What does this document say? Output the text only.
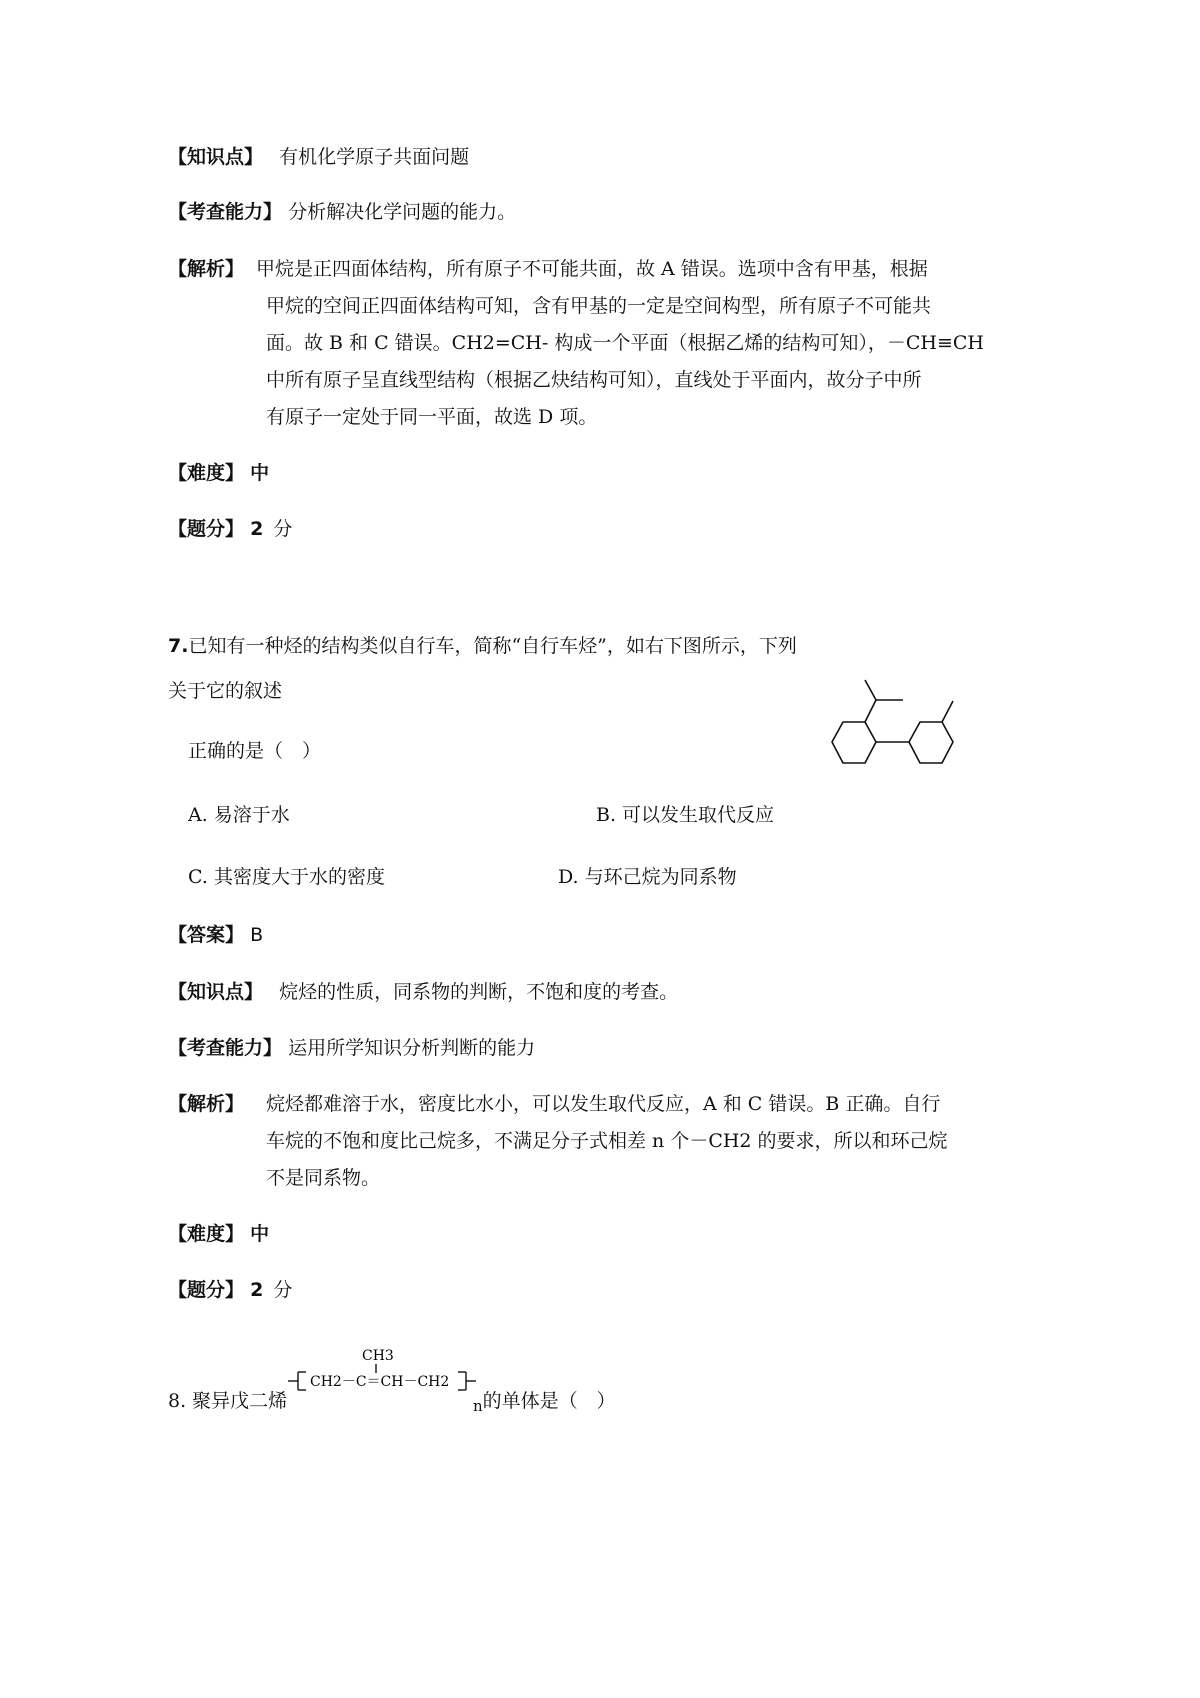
【知识点】 有机化学原子共面问题
【考查能力】 分析解决化学问题的能力。
【解析】 甲烷是正四面体结构，所有原子不可能共面，故 A 错误。选项中含有甲基，根据
甲烷的空间正四面体结构可知，含有甲基的一定是空间构型，所有原子不可能共
面。故 B 和 C 错误。CH2=CH- 构成一个平面（根据乙烯的结构可知），－CH≡CH
中所有原子呈直线型结构（根据乙炔结构可知），直线处于平面内，故分子中所
有原子一定处于同一平面，故选 D 项。
【难度】 中
【题分】 2 分
7.已知有一种烃的结构类似自行车，简称“自行车烃”，如右下图所示，下列
关于它的叙述
正确的是（　）
A. 易溶于水	B. 可以发生取代反应
C. 其密度大于水的密度	D. 与环己烷为同系物
【答案】 B
【知识点】 烷烃的性质，同系物的判断，不饱和度的考查。
【考查能力】 运用所学知识分析判断的能力
【解析】 烷烃都难溶于水，密度比水小，可以发生取代反应，A 和 C 错误。B 正确。自行
车烷的不饱和度比己烷多，不满足分子式相差 n 个－CH2 的要求，所以和环己烷
不是同系物。
【难度】 中
【题分】 2 分
8. 聚异戊二烯
CH3
CH2－C＝CH－CH2
$_n$的单体是（　）
